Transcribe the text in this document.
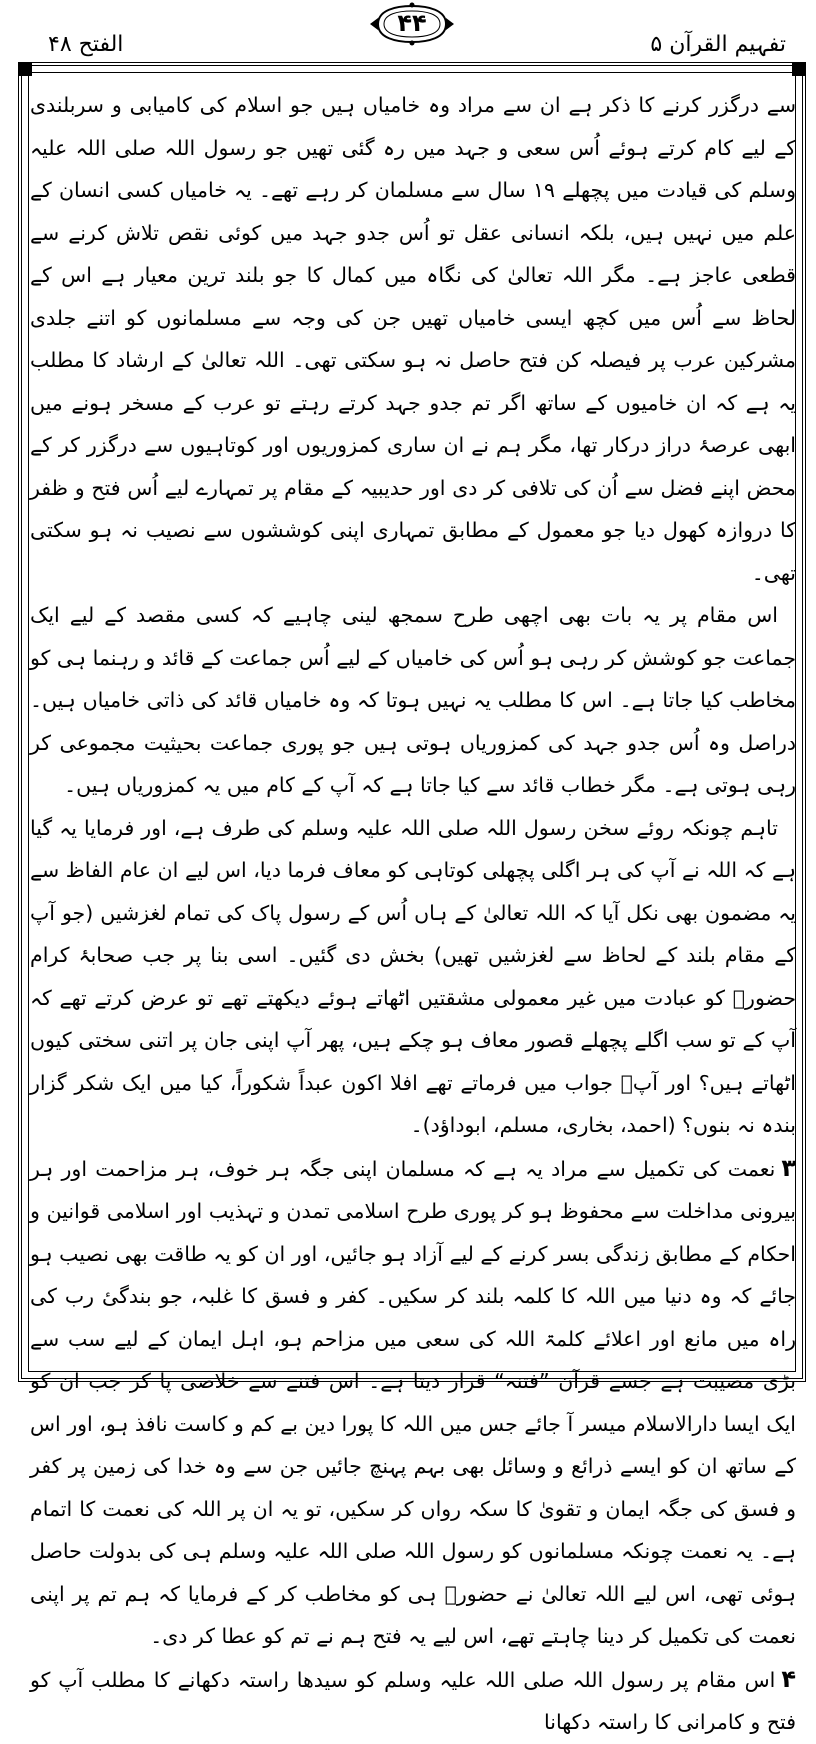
الفتح ۴۸
۴۴
تفہیم القرآن ۵

سے درگزر کرنے کا ذکر ہے ان سے مراد وہ خامیاں ہیں جو اسلام کی کامیابی و سربلندی کے لیے کام کرتے ہوئے اُس سعی و جہد میں رہ گئی تھیں جو رسول اللہ صلی اللہ علیہ وسلم کی قیادت میں پچھلے ۱۹ سال سے مسلمان کر رہے تھے۔ یہ خامیاں کسی انسان کے علم میں نہیں ہیں، بلکہ انسانی عقل تو اُس جدو جہد میں کوئی نقص تلاش کرنے سے قطعی عاجز ہے۔ مگر اللہ تعالیٰ کی نگاہ میں کمال کا جو بلند ترین معیار ہے اس کے لحاظ سے اُس میں کچھ ایسی خامیاں تھیں جن کی وجہ سے مسلمانوں کو اتنے جلدی مشرکین عرب پر فیصلہ کن فتح حاصل نہ ہو سکتی تھی۔ اللہ تعالیٰ کے ارشاد کا مطلب یہ ہے کہ ان خامیوں کے ساتھ اگر تم جدو جہد کرتے رہتے تو عرب کے مسخر ہونے میں ابھی عرصۂ دراز درکار تھا، مگر ہم نے ان ساری کمزوریوں اور کوتاہیوں سے درگزر کر کے محض اپنے فضل سے اُن کی تلافی کر دی اور حدیبیہ کے مقام پر تمہارے لیے اُس فتح و ظفر کا دروازہ کھول دیا جو معمول کے مطابق تمہاری اپنی کوششوں سے نصیب نہ ہو سکتی تھی۔

اس مقام پر یہ بات بھی اچھی طرح سمجھ لینی چاہیے کہ کسی مقصد کے لیے ایک جماعت جو کوشش کر رہی ہو اُس کی خامیاں کے لیے اُس جماعت کے قائد و رہنما ہی کو مخاطب کیا جاتا ہے۔ اس کا مطلب یہ نہیں ہوتا کہ وہ خامیاں قائد کی ذاتی خامیاں ہیں۔ دراصل وہ اُس جدو جہد کی کمزوریاں ہوتی ہیں جو پوری جماعت بحیثیت مجموعی کر رہی ہوتی ہے۔ مگر خطاب قائد سے کیا جاتا ہے کہ آپ کے کام میں یہ کمزوریاں ہیں۔

تاہم چونکہ روئے سخن رسول اللہ صلی اللہ علیہ وسلم کی طرف ہے، اور فرمایا یہ گیا ہے کہ اللہ نے آپ کی ہر اگلی پچھلی کوتاہی کو معاف فرما دیا، اس لیے ان عام الفاظ سے یہ مضمون بھی نکل آیا کہ اللہ تعالیٰ کے ہاں اُس کے رسول پاک کی تمام لغزشیں (جو آپ کے مقام بلند کے لحاظ سے لغزشیں تھیں) بخش دی گئیں۔ اسی بنا پر جب صحابۂ کرام حضورؐ کو عبادت میں غیر معمولی مشقتیں اٹھاتے ہوئے دیکھتے تھے تو عرض کرتے تھے کہ آپ کے تو سب اگلے پچھلے قصور معاف ہو چکے ہیں، پھر آپ اپنی جان پر اتنی سختی کیوں اٹھاتے ہیں؟ اور آپؐ جواب میں فرماتے تھے افلا اکون عبداً شکوراً، کیا میں ایک شکر گزار بندہ نہ بنوں؟ (احمد، بخاری، مسلم، ابوداؤد)۔

۳نعمت کی تکمیل سے مراد یہ ہے کہ مسلمان اپنی جگہ ہر خوف، ہر مزاحمت اور ہر بیرونی مداخلت سے محفوظ ہو کر پوری طرح اسلامی تمدن و تہذیب اور اسلامی قوانین و احکام کے مطابق زندگی بسر کرنے کے لیے آزاد ہو جائیں، اور ان کو یہ طاقت بھی نصیب ہو جائے کہ وہ دنیا میں اللہ کا کلمہ بلند کر سکیں۔ کفر و فسق کا غلبہ، جو بندگیٔ رب کی راہ میں مانع اور اعلائے کلمۃ اللہ کی سعی میں مزاحم ہو، اہل ایمان کے لیے سب سے بڑی مصیبت ہے جسے قرآن ”فتنہ“ قرار دیتا ہے۔ اس فتنے سے خلاصی پا کر جب ان کو ایک ایسا دارالاسلام میسر آ جائے جس میں اللہ کا پورا دین بے کم و کاست نافذ ہو، اور اس کے ساتھ ان کو ایسے ذرائع و وسائل بھی بہم پہنچ جائیں جن سے وہ خدا کی زمین پر کفر و فسق کی جگہ ایمان و تقویٰ کا سکہ رواں کر سکیں، تو یہ ان پر اللہ کی نعمت کا اتمام ہے۔ یہ نعمت چونکہ مسلمانوں کو رسول اللہ صلی اللہ علیہ وسلم ہی کی بدولت حاصل ہوئی تھی، اس لیے اللہ تعالیٰ نے حضورؐ ہی کو مخاطب کر کے فرمایا کہ ہم تم پر اپنی نعمت کی تکمیل کر دینا چاہتے تھے، اس لیے یہ فتح ہم نے تم کو عطا کر دی۔

۴اس مقام پر رسول اللہ صلی اللہ علیہ وسلم کو سیدھا راستہ دکھانے کا مطلب آپ کو فتح و کامرانی کا راستہ دکھانا
